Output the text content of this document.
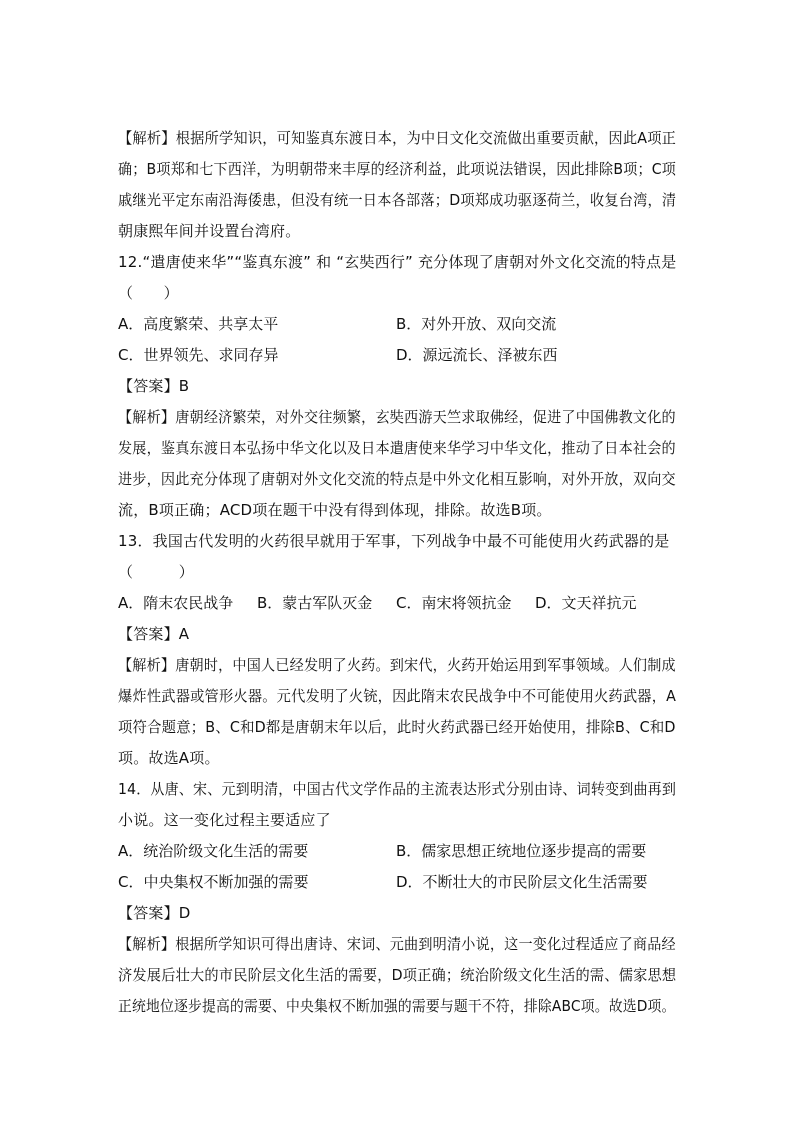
【解析】根据所学知识，可知鉴真东渡日本，为中日文化交流做出重要贡献，因此A项正
确；B项郑和七下西洋，为明朝带来丰厚的经济利益，此项说法错误，因此排除B项；C项
戚继光平定东南沿海倭患，但没有统一日本各部落；D项郑成功驱逐荷兰，收复台湾，清
朝康熙年间并设置台湾府。
12.“遣唐使来华”“鉴真东渡” 和 “玄奘西行” 充分体现了唐朝对外文化交流的特点是
（　　）
A．高度繁荣、共享太平	B．对外开放、双向交流
C．世界领先、求同存异	D．源远流长、泽被东西
【答案】B
【解析】唐朝经济繁荣，对外交往频繁，玄奘西游天竺求取佛经，促进了中国佛教文化的
发展，鉴真东渡日本弘扬中华文化以及日本遣唐使来华学习中华文化，推动了日本社会的
进步，因此充分体现了唐朝对外文化交流的特点是中外文化相互影响，对外开放，双向交
流，B项正确；ACD项在题干中没有得到体现，排除。故选B项。
13．我国古代发明的火药很早就用于军事，下列战争中最不可能使用火药武器的是
（　　　）
A．隋末农民战争 B．蒙古军队灭金 C．南宋将领抗金 D．文天祥抗元
【答案】A
【解析】唐朝时，中国人已经发明了火药。到宋代，火药开始运用到军事领域。人们制成
爆炸性武器或管形火器。元代发明了火铳，因此隋末农民战争中不可能使用火药武器，A
项符合题意；B、C和D都是唐朝末年以后，此时火药武器已经开始使用，排除B、C和D
项。故选A项。
14．从唐、宋、元到明清，中国古代文学作品的主流表达形式分别由诗、词转变到曲再到
小说。这一变化过程主要适应了
A．统治阶级文化生活的需要	B．儒家思想正统地位逐步提高的需要
C．中央集权不断加强的需要	D．不断壮大的市民阶层文化生活需要
【答案】D
【解析】根据所学知识可得出唐诗、宋词、元曲到明清小说，这一变化过程适应了商品经
济发展后壮大的市民阶层文化生活的需要，D项正确；统治阶级文化生活的需、儒家思想
正统地位逐步提高的需要、中央集权不断加强的需要与题干不符，排除ABC项。故选D项。
